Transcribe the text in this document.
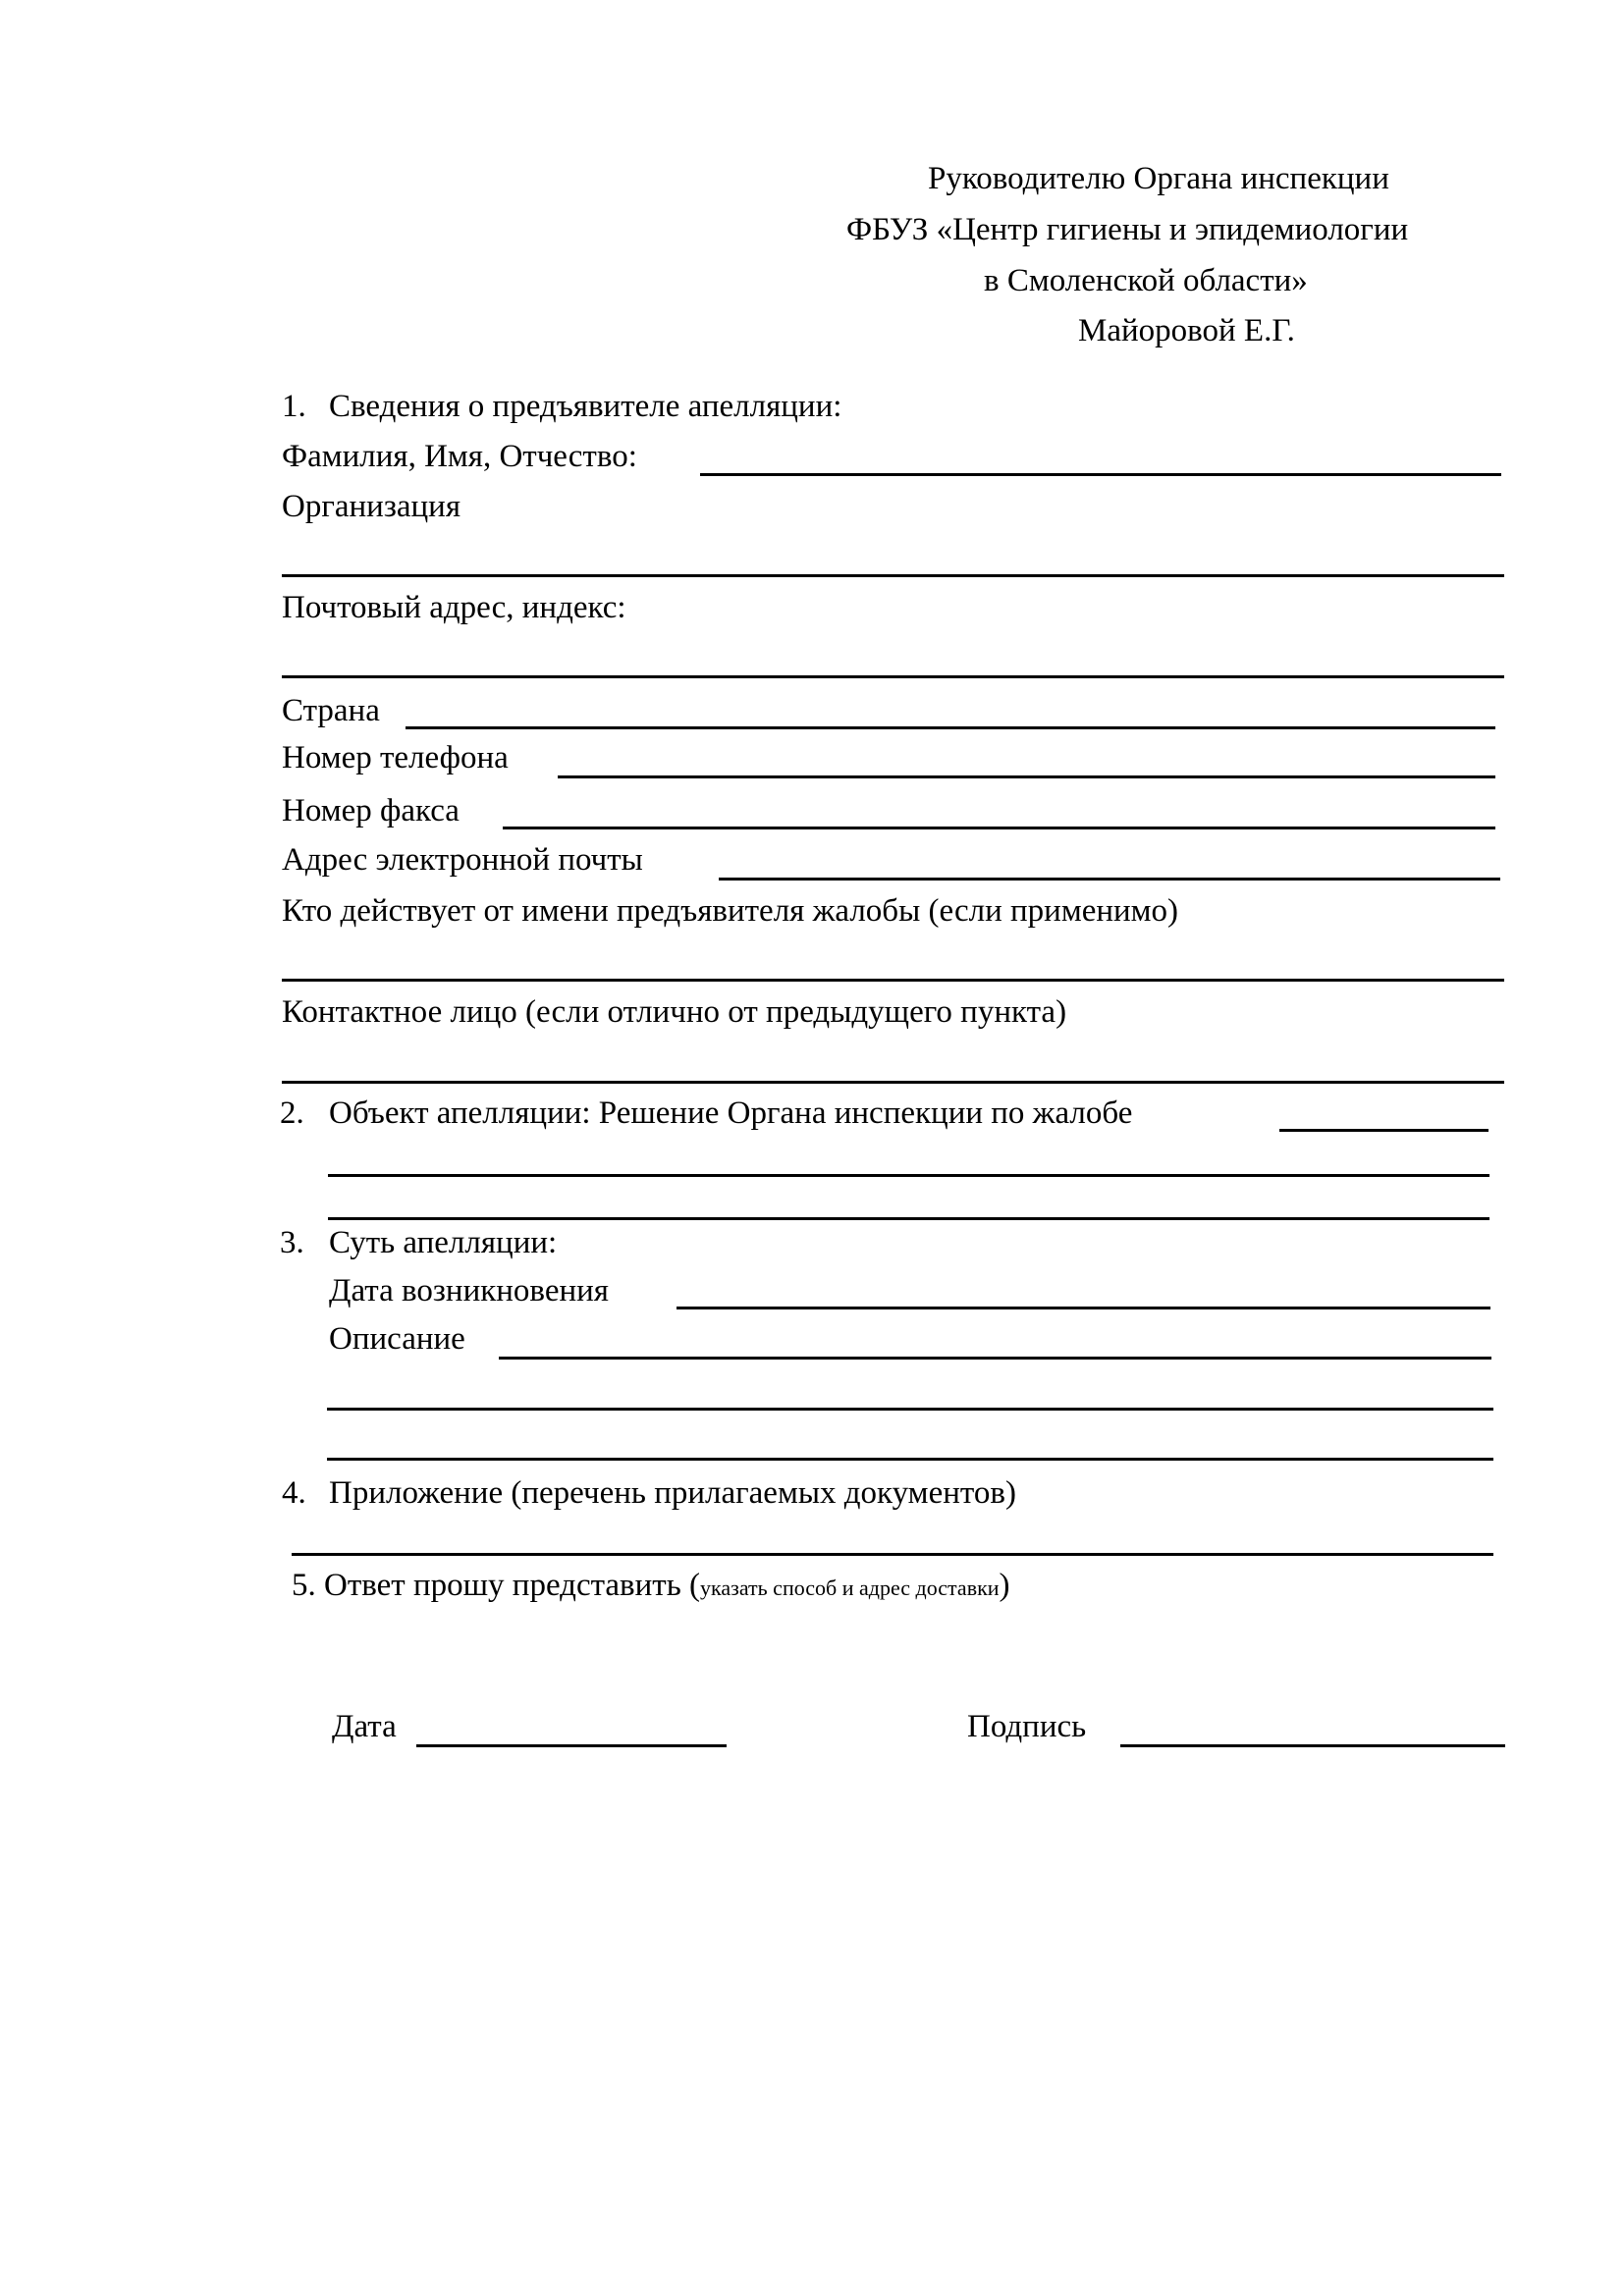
Руководителю Органа инспекции
ФБУЗ «Центр гигиены и эпидемиологии
в Смоленской области»
Майоровой Е.Г.
1. Сведения о предъявителе апелляции:
Фамилия, Имя, Отчество:
Организация
Почтовый адрес, индекс:
Страна
Номер телефона
Номер факса
Адрес электронной почты
Кто действует от имени предъявителя жалобы (если применимо)
Контактное лицо (если отлично от предыдущего пункта)
2. Объект апелляции: Решение Органа инспекции по жалобе
3. Суть апелляции:
Дата возникновения
Описание
4. Приложение (перечень прилагаемых документов)
5. Ответ прошу представить (указать способ и адрес доставки)
Дата	Подпись
